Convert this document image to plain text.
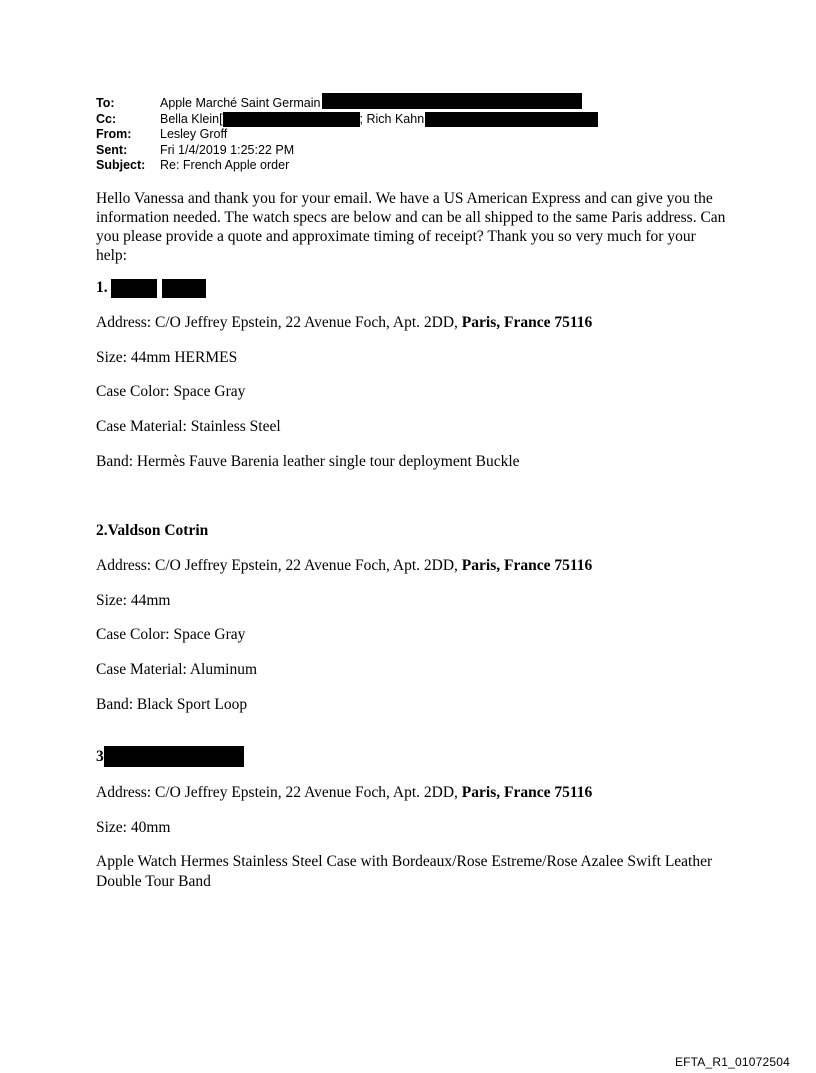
To:	Apple Marché Saint Germain
Cc:	Bella Klein[	; Rich Kahn
From:	Lesley Groff
Sent:	Fri 1/4/2019 1:25:22 PM
Subject:	Re: French Apple order
Hello Vanessa and thank you for your email. We have a US American Express and can give you the information needed. The watch specs are below and can be all shipped to the same Paris address. Can you please provide a quote and approximate timing of receipt? Thank you so very much for your help:
1.
Address: C/O Jeffrey Epstein, 22 Avenue Foch, Apt. 2DD, Paris, France 75116
Size: 44mm HERMES
Case Color: Space Gray
Case Material: Stainless Steel
Band: Hermès Fauve Barenia leather single tour deployment Buckle
2.Valdson Cotrin
Address: C/O Jeffrey Epstein, 22 Avenue Foch, Apt. 2DD, Paris, France 75116
Size: 44mm
Case Color: Space Gray
Case Material: Aluminum
Band: Black Sport Loop
3
Address: C/O Jeffrey Epstein, 22 Avenue Foch, Apt. 2DD, Paris, France 75116
Size: 40mm
Apple Watch Hermes Stainless Steel Case with Bordeaux/Rose Estreme/Rose Azalee Swift Leather Double Tour Band
EFTA_R1_01072504
